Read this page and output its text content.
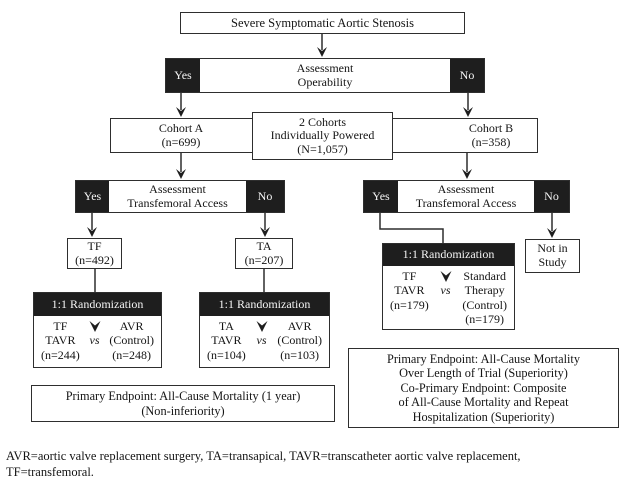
Severe Symptomatic Aortic Stenosis
Yes	Assessment
Operability	No
Cohort A
(n=699)
Cohort B
(n=358)
2 Cohorts
Individually Powered
(N=1,057)
Yes	Assessment
Transfemoral Access No	Yes	Assessment
Transfemoral Access No
TF
(n=492)
TA
(n=207)
1:1 Randomization
TF
TAVR
(n=244)
vs
AVR
(Control)
(n=248)
1:1 Randomization
TA
TAVR
(n=104)
vs
AVR
(Control)
(n=103)
1:1 Randomization
TF
TAVR
(n=179)
vs
Standard
Therapy
(Control)
(n=179)
Not in
Study
Primary Endpoint: All-Cause Mortality (1 year)
(Non-inferiority)
Primary Endpoint: All-Cause Mortality
Over Length of Trial (Superiority)
Co-Primary Endpoint: Composite
of All-Cause Mortality and Repeat
Hospitalization (Superiority)
AVR=aortic valve replacement surgery, TA=transapical, TAVR=transcatheter aortic valve replacement,
TF=transfemoral.
